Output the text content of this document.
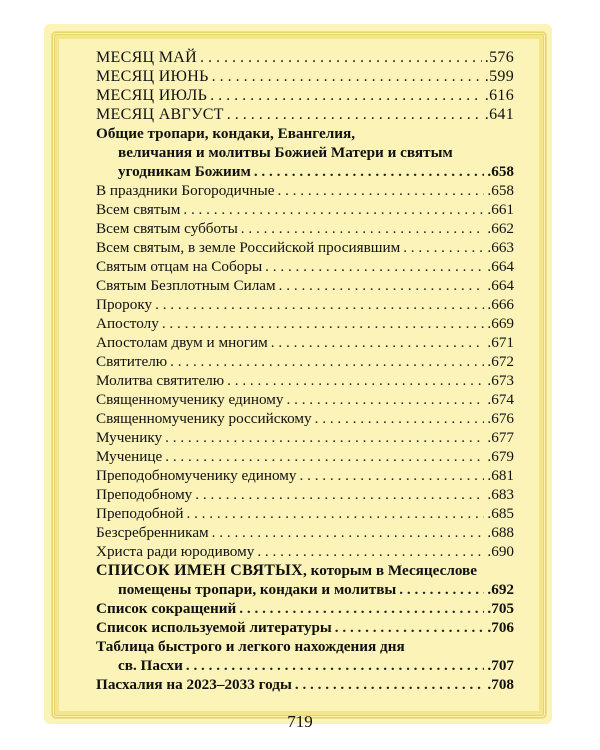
МЕСЯЦ МАЙ . . .	.576
МЕСЯЦ ИЮНЬ . . .	.599
МЕСЯЦ ИЮЛЬ . . .	.616
МЕСЯЦ АВГУСТ . . .	.641
Общие тропари, кондаки, Евангелия,
величания и молитвы Божией Матери и святым
угодникам Божиим . . .	.658
В праздники Богородичные . . .	.658
Всем святым . . .	.661
Всем святым субботы . . .	.662
Всем святым, в земле Российской просиявшим . . .	.663
Святым отцам на Соборы . . .	.664
Святым Безплотным Силам . . .	.664
Пророку . . .	.666
Апостолу . . .	.669
Апостолам двум и многим . . .	.671
Святителю . . .	.672
Молитва святителю . . .	.673
Священномученику единому . . .	.674
Священномученику российскому . . .	.676
Мученику . . .	.677
Мученице . . .	.679
Преподобномученику единому . . .	.681
Преподобному . . .	.683
Преподобной . . .	.685
Безсребренникам . . .	.688
Христа ради юродивому . . .	.690
СПИСОК ИМЕН СВЯТЫХ, которым в Месяцеслове
помещены тропари, кондаки и молитвы . . .	.692
Список сокращений . . .	.705
Список используемой литературы . . .	.706
Таблица быстрого и легкого нахождения дня
св. Пасхи . . .	.707
Пасхалия на 2023–2033 годы . . .	.708
719
